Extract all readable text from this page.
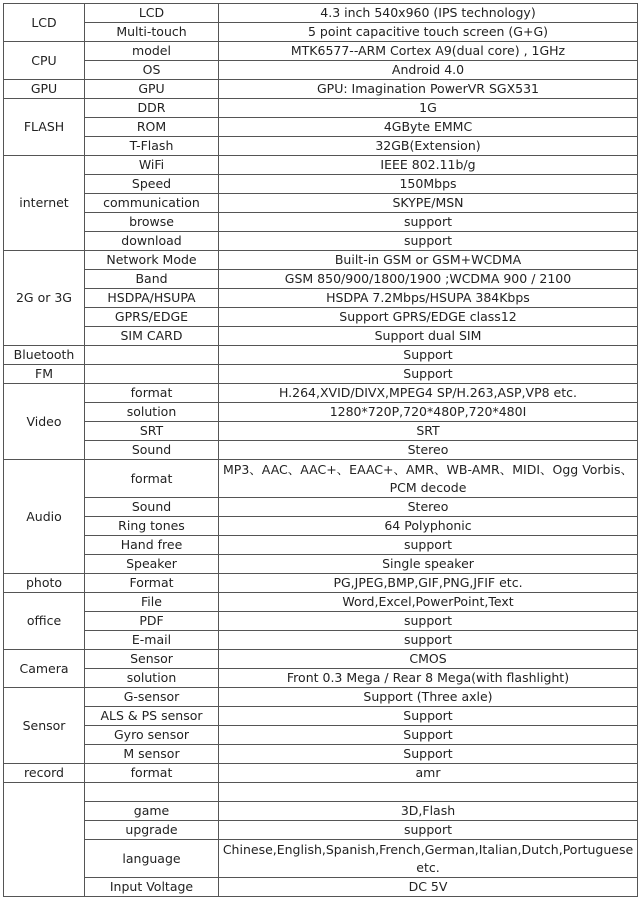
LCD	LCD	4.3 inch 540x960 (IPS technology)
	Multi-touch	5 point capacitive touch screen (G+G)
CPU	model	MTK6577--ARM Cortex A9(dual core) , 1GHz
	OS	Android 4.0
GPU	GPU	GPU: Imagination PowerVR SGX531
FLASH	DDR	1G
	ROM	4GByte EMMC
	T-Flash	32GB(Extension)
internet	WiFi	IEEE 802.11b/g
	Speed	150Mbps
	communication	SKYPE/MSN
	browse	support
	download	support
2G or 3G	Network Mode	Built-in GSM or GSM+WCDMA
	Band	GSM 850/900/1800/1900 ;WCDMA 900 / 2100
	HSDPA/HSUPA	HSDPA 7.2Mbps/HSUPA 384Kbps
	GPRS/EDGE	Support GPRS/EDGE class12
	SIM CARD	Support dual SIM
Bluetooth		Support
FM		Support
Video	format	H.264,XVID/DIVX,MPEG4 SP/H.263,ASP,VP8 etc.
	solution	1280*720P,720*480P,720*480I
	SRT	SRT
	Sound	Stereo
Audio	format	MP3、AAC、AAC+、EAAC+、AMR、WB-AMR、MIDI、Ogg Vorbis、PCM decode
	Sound	Stereo
	Ring tones	64 Polyphonic
	Hand free	support
	Speaker	Single speaker
photo	Format	PG,JPEG,BMP,GIF,PNG,JFIF etc.
office	File	Word,Excel,PowerPoint,Text
	PDF	support
	E-mail	support
Camera	Sensor	CMOS
	solution	Front 0.3 Mega / Rear 8 Mega(with flashlight)
Sensor	G-sensor	Support (Three axle)
	ALS & PS sensor	Support
	Gyro sensor	Support
	M sensor	Support
record	format	amr

	game	3D,Flash
	upgrade	support
	language	Chinese,English,Spanish,French,German,Italian,Dutch,Portuguese etc.
	Input Voltage	DC 5V
